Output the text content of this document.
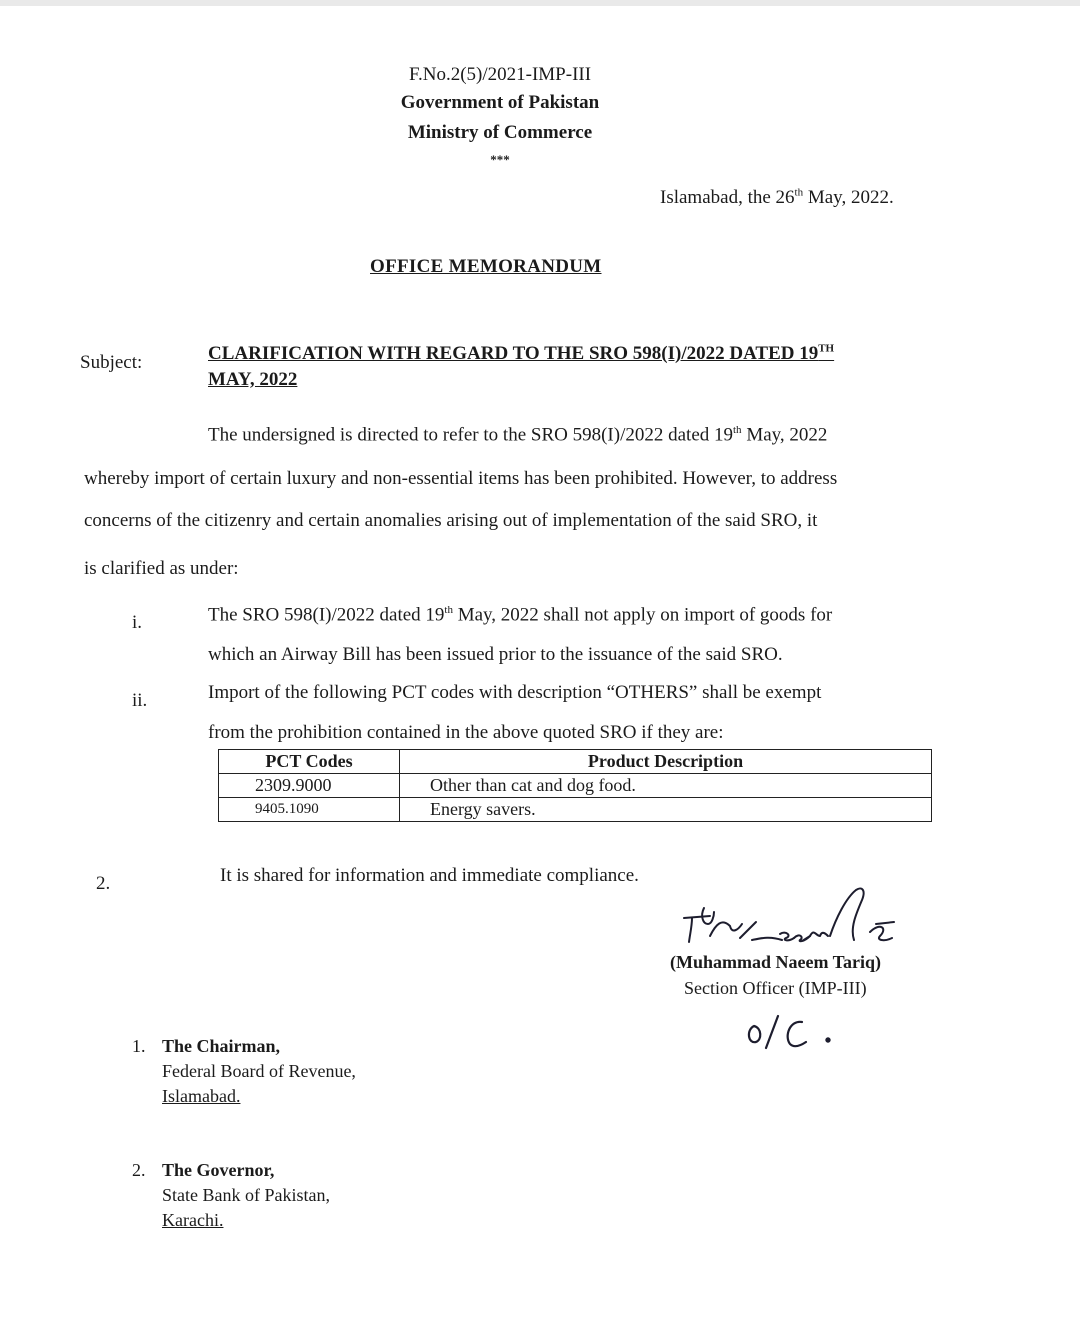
F.No.2(5)/2021-IMP-III
Government of Pakistan
Ministry of Commerce
***
Islamabad, the 26th May, 2022.
OFFICE MEMORANDUM
Subject:	CLARIFICATION WITH REGARD TO THE SRO 598(I)/2022 DATED 19TH
MAY, 2022
The undersigned is directed to refer to the SRO 598(I)/2022 dated 19th May, 2022
whereby import of certain luxury and non-essential items has been prohibited. However, to address
concerns of the citizenry and certain anomalies arising out of implementation of the said SRO, it
is clarified as under:
i.	The SRO 598(I)/2022 dated 19th May, 2022 shall not apply on import of goods for
which an Airway Bill has been issued prior to the issuance of the said SRO.
ii.	Import of the following PCT codes with description “OTHERS” shall be exempt
from the prohibition contained in the above quoted SRO if they are:
PCT Codes	Product Description
2309.9000	Other than cat and dog food.
9405.1090	Energy savers.
2.	It is shared for information and immediate compliance.
(Muhammad Naeem Tariq)
Section Officer (IMP-III)
1. The Chairman,
Federal Board of Revenue,
Islamabad.
2. The Governor,
State Bank of Pakistan,
Karachi.
